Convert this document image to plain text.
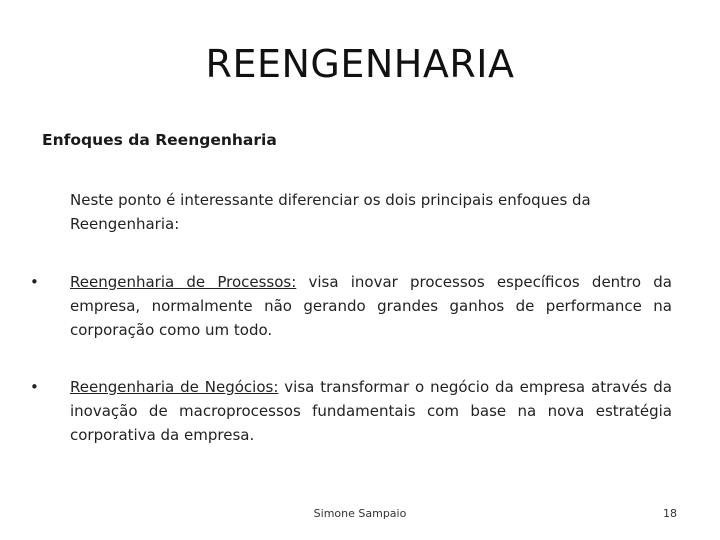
REENGENHARIA
Enfoques da Reengenharia
Neste ponto é interessante diferenciar os dois principais enfoques da Reengenharia:
• Reengenharia de Processos: visa inovar processos específicos dentro da empresa, normalmente não gerando grandes ganhos de performance na corporação como um todo.
• Reengenharia de Negócios: visa transformar o negócio da empresa através da inovação de macroprocessos fundamentais com base na nova estratégia corporativa da empresa.
Simone Sampaio	18
